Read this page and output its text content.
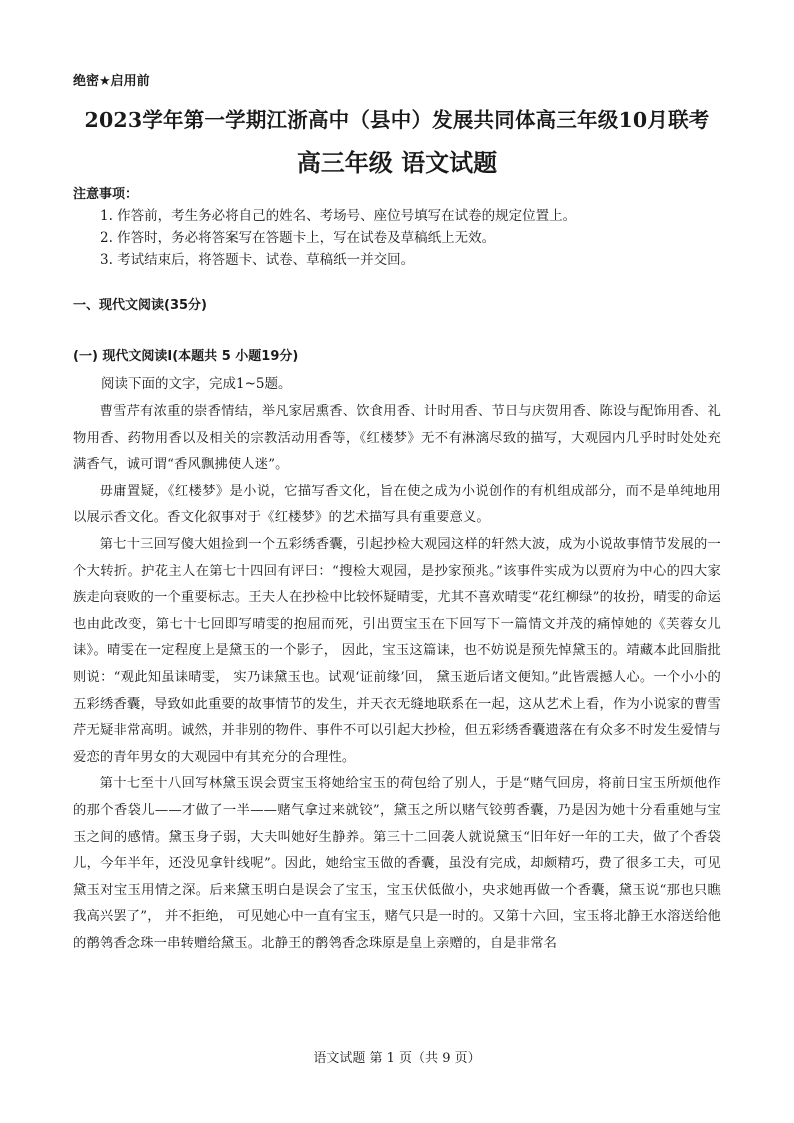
绝密★启用前
2023学年第一学期江浙高中（县中）发展共同体高三年级10月联考
高三年级 语文试题
注意事项：
1. 作答前，考生务必将自己的姓名、考场号、座位号填写在试卷的规定位置上。
2. 作答时，务必将答案写在答题卡上，写在试卷及草稿纸上无效。
3. 考试结束后，将答题卡、试卷、草稿纸一并交回。
一、现代文阅读(35分)
(一) 现代文阅读Ⅰ(本题共 5 小题19分)
阅读下面的文字，完成1~5题。

曹雪芹有浓重的崇香情结，举凡家居熏香、饮食用香、计时用香、节日与庆贺用香、陈设与配饰用香、礼物用香、药物用香以及相关的宗教活动用香等，《红楼梦》无不有淋漓尽致的描写，大观园内几乎时时处处充满香气，诚可谓“香风飘拂使人迷”。

毋庸置疑，《红楼梦》是小说，它描写香文化，旨在使之成为小说创作的有机组成部分，而不是单纯地用以展示香文化。香文化叙事对于《红楼梦》的艺术描写具有重要意义。

第七十三回写傻大姐捡到一个五彩绣香囊，引起抄检大观园这样的轩然大波，成为小说故事情节发展的一个大转折。护花主人在第七十四回有评曰：“搜检大观园，是抄家预兆。”该事件实成为以贾府为中心的四大家族走向衰败的一个重要标志。王夫人在抄检中比较怀疑晴雯，尤其不喜欢晴雯“花红柳绿”的妆扮，晴雯的命运也由此改变，第七十七回即写晴雯的抱屈而死，引出贾宝玉在下回写下一篇情文并茂的痛悼她的《芙蓉女儿诔》。晴雯在一定程度上是黛玉的一个影子， 因此，宝玉这篇诔，也不妨说是预先悼黛玉的。靖藏本此回脂批则说：“观此知虽诔晴雯， 实乃诔黛玉也。试观‘证前缘’回， 黛玉逝后诸文便知。”此皆震撼人心。一个小小的五彩绣香囊，导致如此重要的故事情节的发生，并天衣无缝地联系在一起，这从艺术上看，作为小说家的曹雪芹无疑非常高明。诚然，并非别的物件、事件不可以引起大抄检，但五彩绣香囊遗落在有众多不时发生爱情与爱恋的青年男女的大观园中有其充分的合理性。

第十七至十八回写林黛玉误会贾宝玉将她给宝玉的荷包给了别人，于是“赌气回房，将前日宝玉所烦他作的那个香袋儿——才做了一半——赌气拿过来就铰”，黛玉之所以赌气铰剪香囊，乃是因为她十分看重她与宝玉之间的感情。黛玉身子弱，大夫叫她好生静养。第三十二回袭人就说黛玉“旧年好一年的工夫，做了个香袋儿，今年半年，还没见拿针线呢”。因此，她给宝玉做的香囊，虽没有完成，却颇精巧，费了很多工夫，可见黛玉对宝玉用情之深。后来黛玉明白是误会了宝玉，宝玉伏低做小，央求她再做一个香囊，黛玉说“那也只瞧我高兴罢了”， 并不拒绝， 可见她心中一直有宝玉，赌气只是一时的。又第十六回，宝玉将北静王水溶送给他的鹡鸰香念珠一串转赠给黛玉。北静王的鹡鸰香念珠原是皇上亲赠的，自是非常名

语文试题 第 1 页（共 9 页）
